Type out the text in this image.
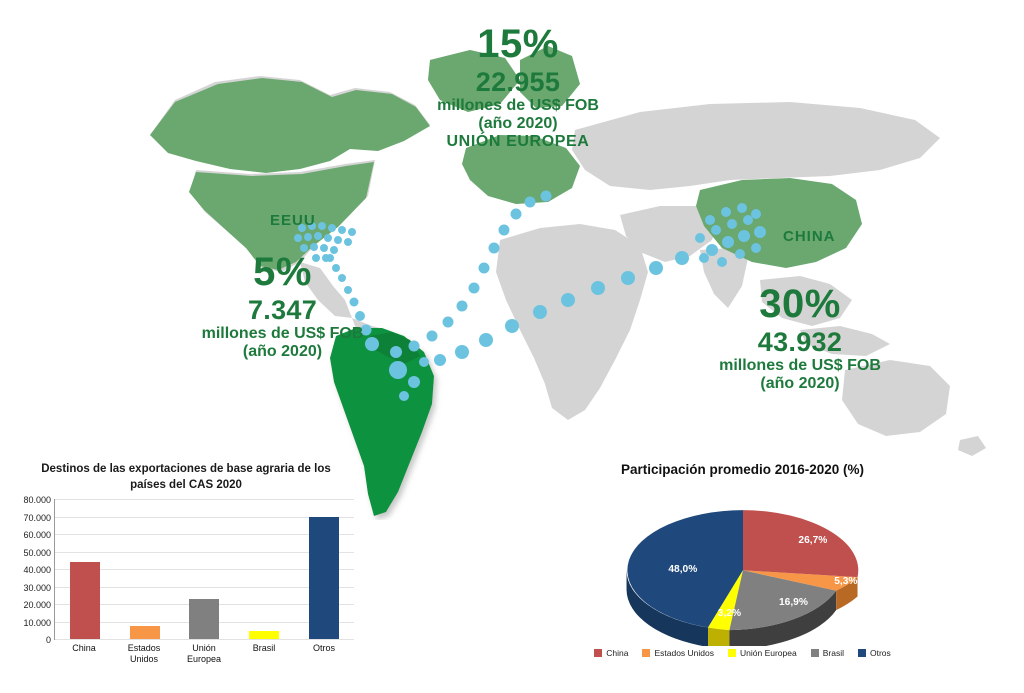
15%
22.955
millones de US$ FOB
(año 2020)
UNIÓN EUROPEA
5%
7.347
millones de US$ FOB
(año 2020)
30%
43.932
millones de US$ FOB
(año 2020)
EEUU
CHINA
Destinos de las exportaciones de base agraria de los países del CAS 2020
80.000
70.000
60.000
50.000
40.000
30.000
20.000
10.000
0
China	Estados Unidos
Unión Europea
Brasil	Otros
Participación promedio 2016-2020 (%)
48,0%
3,2%
16,9%
5,3%
26,7%
China	Estados Unidos	Unión Europea	Brasil	Otros
